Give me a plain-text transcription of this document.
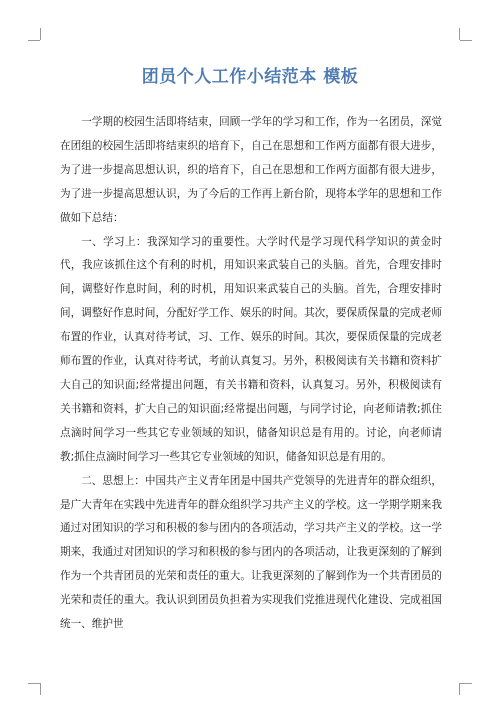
团员个人工作小结范本 模板

一学期的校园生活即将结束，回顾一学年的学习和工作，作为一名团员，深觉在团组的校园生活即将结束织的培育下，自己在思想和工作两方面都有很大进步，为了进一步提高思想认识，织的培育下，自己在思想和工作两方面都有很大进步，为了进一步提高思想认识，为了今后的工作再上新台阶，现将本学年的思想和工作做如下总结：

一、学习上：我深知学习的重要性。大学时代是学习现代科学知识的黄金时代，我应该抓住这个有利的时机，用知识来武装自己的头脑。首先，合理安排时间，调整好作息时间，利的时机，用知识来武装自己的头脑。首先，合理安排时间，调整好作息时间，分配好学工作、娱乐的时间。其次，要保质保量的完成老师布置的作业，认真对待考试，习、工作、娱乐的时间。其次，要保质保量的完成老师布置的作业，认真对待考试，考前认真复习。另外，积极阅读有关书籍和资料扩大自己的知识面;经常提出问题，有关书籍和资料，认真复习。另外，积极阅读有关书籍和资料，扩大自己的知识面;经常提出问题，与同学讨论，向老师请教;抓住点滴时间学习一些其它专业领域的知识，储备知识总是有用的。讨论，向老师请教;抓住点滴时间学习一些其它专业领域的知识，储备知识总是有用的。

二、思想上：中国共产主义青年团是中国共产党领导的先进青年的群众组织，是广大青年在实践中先进青年的群众组织学习共产主义的学校。这一学期学期来我通过对团知识的学习和积极的参与团内的各项活动，学习共产主义的学校。这一学期来，我通过对团知识的学习和积极的参与团内的各项活动，让我更深刻的了解到作为一个共青团员的光荣和责任的重大。让我更深刻的了解到作为一个共青团员的光荣和责任的重大。我认识到团员负担着为实现我们党推进现代化建设、完成祖国统一、维护世
